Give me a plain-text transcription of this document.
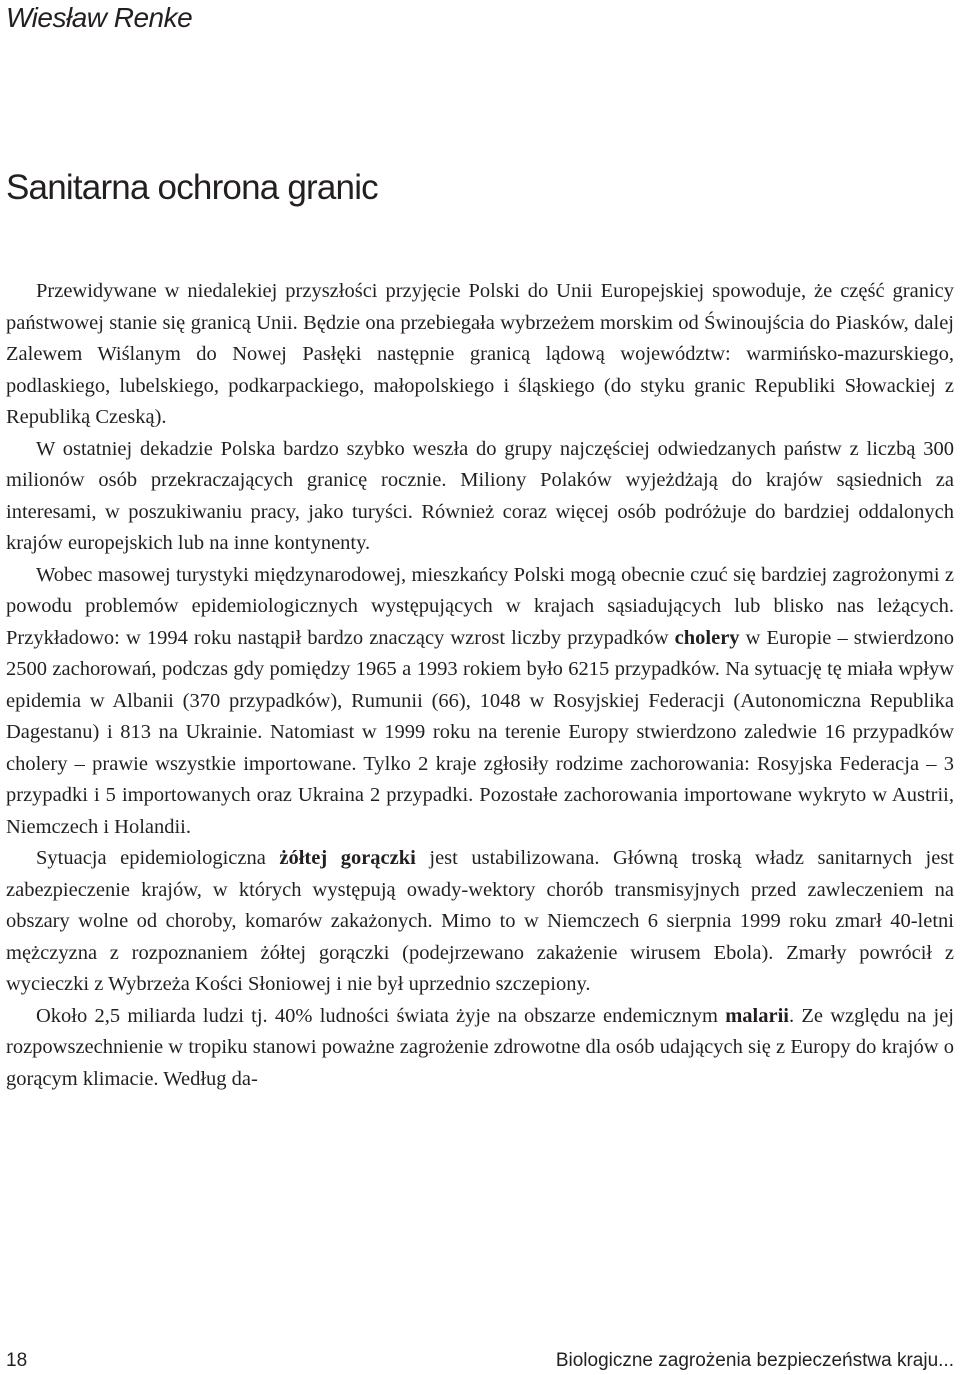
Wiesław Renke
Sanitarna ochrona granic

Przewidywane w niedalekiej przyszłości przyjęcie Polski do Unii Europejskiej spowoduje, że część granicy państwowej stanie się granicą Unii. Będzie ona przebiegała wybrzeżem morskim od Świnoujścia do Piasków, dalej Zalewem Wiślanym do Nowej Pasłęki następnie granicą lądową województw: warmińsko-mazurskiego, podlaskiego, lubelskiego, podkarpackiego, małopolskiego i śląskiego (do styku granic Republiki Słowackiej z Republiką Czeską).

W ostatniej dekadzie Polska bardzo szybko weszła do grupy najczęściej odwiedzanych państw z liczbą 300 milionów osób przekraczających granicę rocznie. Miliony Polaków wyjeżdżają do krajów sąsiednich za interesami, w poszukiwaniu pracy, jako turyści. Również coraz więcej osób podróżuje do bardziej oddalonych krajów europejskich lub na inne kontynenty.

Wobec masowej turystyki międzynarodowej, mieszkańcy Polski mogą obecnie czuć się bardziej zagrożonymi z powodu problemów epidemiologicznych występujących w krajach sąsiadujących lub blisko nas leżących. Przykładowo: w 1994 roku nastąpił bardzo znaczący wzrost liczby przypadków cholery w Europie – stwierdzono 2500 zachorowań, podczas gdy pomiędzy 1965 a 1993 rokiem było 6215 przypadków. Na sytuację tę miała wpływ epidemia w Albanii (370 przypadków), Rumunii (66), 1048 w Rosyjskiej Federacji (Autonomiczna Republika Dagestanu) i 813 na Ukrainie. Natomiast w 1999 roku na terenie Europy stwierdzono zaledwie 16 przypadków cholery – prawie wszystkie importowane. Tylko 2 kraje zgłosiły rodzime zachorowania: Rosyjska Federacja – 3 przypadki i 5 importowanych oraz Ukraina 2 przypadki. Pozostałe zachorowania importowane wykryto w Austrii, Niemczech i Holandii.

Sytuacja epidemiologiczna żółtej gorączki jest ustabilizowana. Główną troską władz sanitarnych jest zabezpieczenie krajów, w których występują owady-wektory chorób transmisyjnych przed zawleczeniem na obszary wolne od choroby, komarów zakażonych. Mimo to w Niemczech 6 sierpnia 1999 roku zmarł 40-letni mężczyzna z rozpoznaniem żółtej gorączki (podejrzewano zakażenie wirusem Ebola). Zmarły powrócił z wycieczki z Wybrzeża Kości Słoniowej i nie był uprzednio szczepiony.

Około 2,5 miliarda ludzi tj. 40% ludności świata żyje na obszarze endemicznym malarii. Ze względu na jej rozpowszechnienie w tropiku stanowi poważne zagrożenie zdrowotne dla osób udających się z Europy do krajów o gorącym klimacie. Według da-

18	Biologiczne zagrożenia bezpieczeństwa kraju...
